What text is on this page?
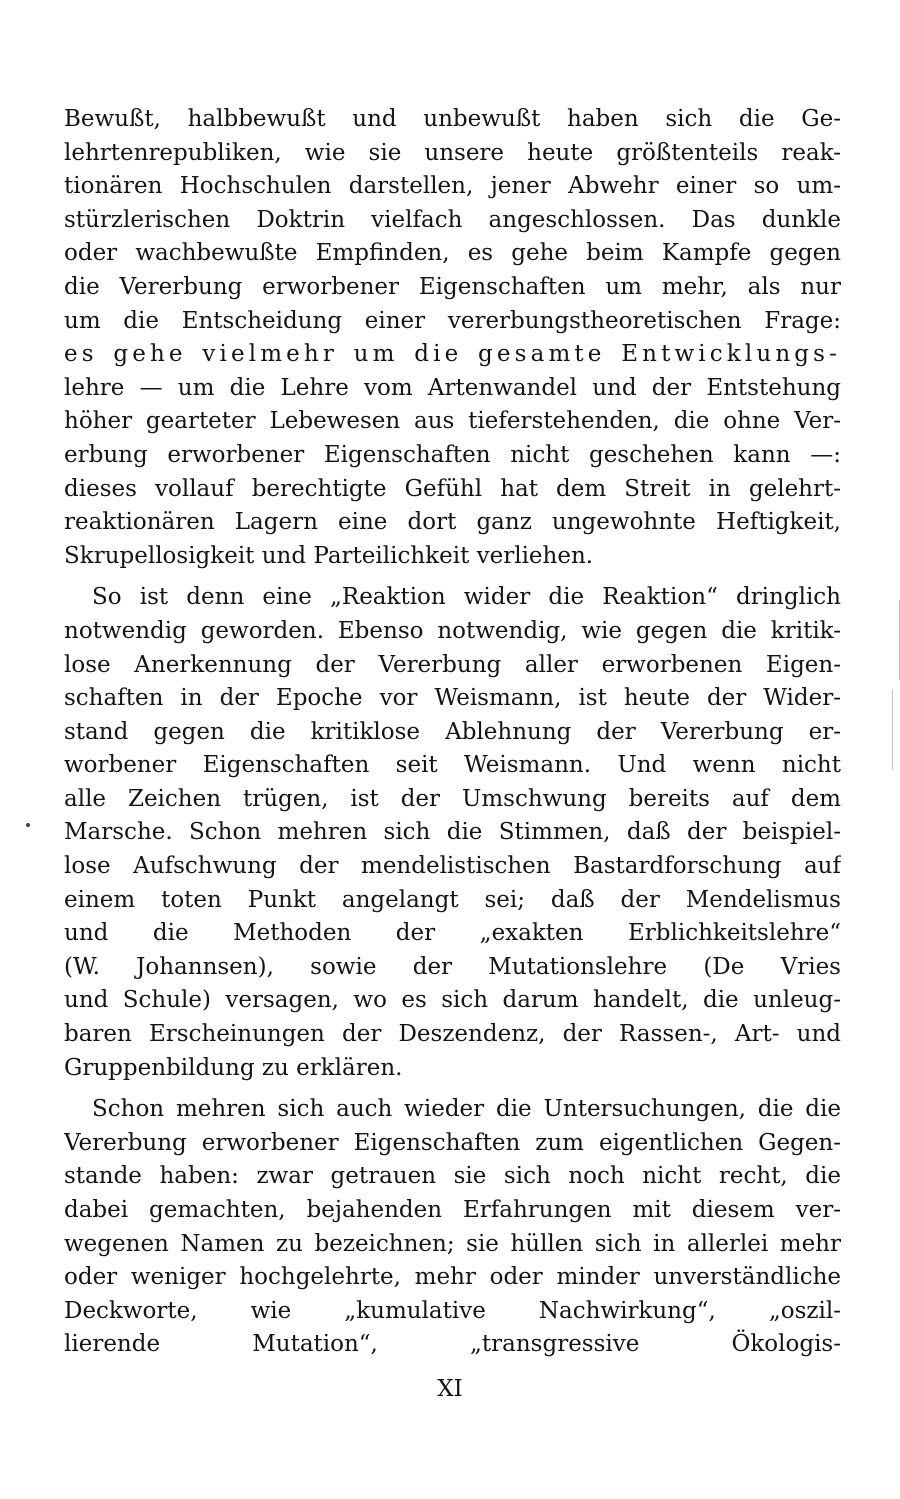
Bewußt, halbbewußt und unbewußt haben sich die Ge-
lehrtenrepubliken, wie sie unsere heute größtenteils reak-
tionären Hochschulen darstellen, jener Abwehr einer so um-
stürzlerischen Doktrin vielfach angeschlossen. Das dunkle
oder wachbewußte Empfinden, es gehe beim Kampfe gegen
die Vererbung erworbener Eigenschaften um mehr, als nur
um die Entscheidung einer vererbungstheoretischen Frage:
es gehe vielmehr um die gesamte Entwicklungs-
lehre — um die Lehre vom Artenwandel und der Entstehung
höher gearteter Lebewesen aus tieferstehenden, die ohne Ver-
erbung erworbener Eigenschaften nicht geschehen kann —:
dieses vollauf berechtigte Gefühl hat dem Streit in gelehrt-
reaktionären Lagern eine dort ganz ungewohnte Heftigkeit,
Skrupellosigkeit und Parteilichkeit verliehen.
So ist denn eine „Reaktion wider die Reaktion“ dringlich
notwendig geworden. Ebenso notwendig, wie gegen die kritik-
lose Anerkennung der Vererbung aller erworbenen Eigen-
schaften in der Epoche vor Weismann, ist heute der Wider-
stand gegen die kritiklose Ablehnung der Vererbung er-
worbener Eigenschaften seit Weismann. Und wenn nicht
alle Zeichen trügen, ist der Umschwung bereits auf dem
Marsche. Schon mehren sich die Stimmen, daß der beispiel-
lose Aufschwung der mendelistischen Bastardforschung auf
einem toten Punkt angelangt sei; daß der Mendelismus
und die Methoden der „exakten Erblichkeitslehre“
(W. Johannsen), sowie der Mutationslehre (De Vries
und Schule) versagen, wo es sich darum handelt, die unleug-
baren Erscheinungen der Deszendenz, der Rassen-, Art- und
Gruppenbildung zu erklären.
Schon mehren sich auch wieder die Untersuchungen, die die
Vererbung erworbener Eigenschaften zum eigentlichen Gegen-
stande haben: zwar getrauen sie sich noch nicht recht, die
dabei gemachten, bejahenden Erfahrungen mit diesem ver-
wegenen Namen zu bezeichnen; sie hüllen sich in allerlei mehr
oder weniger hochgelehrte, mehr oder minder unverständliche
Deckworte, wie „kumulative Nachwirkung“, „oszil-
lierende Mutation“, „transgressive Ökologis-
XI
